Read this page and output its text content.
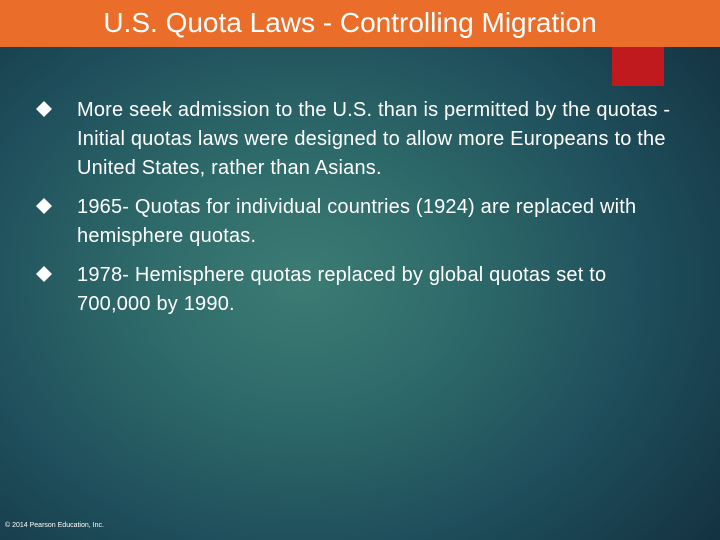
U.S. Quota Laws - Controlling Migration
More seek admission to the U.S. than is permitted by the quotas - Initial quotas laws were designed to allow more Europeans to the United States, rather than Asians.
1965- Quotas for individual countries (1924) are replaced with hemisphere quotas.
1978- Hemisphere quotas replaced by global quotas set to 700,000 by 1990.
© 2014 Pearson Education, Inc.
